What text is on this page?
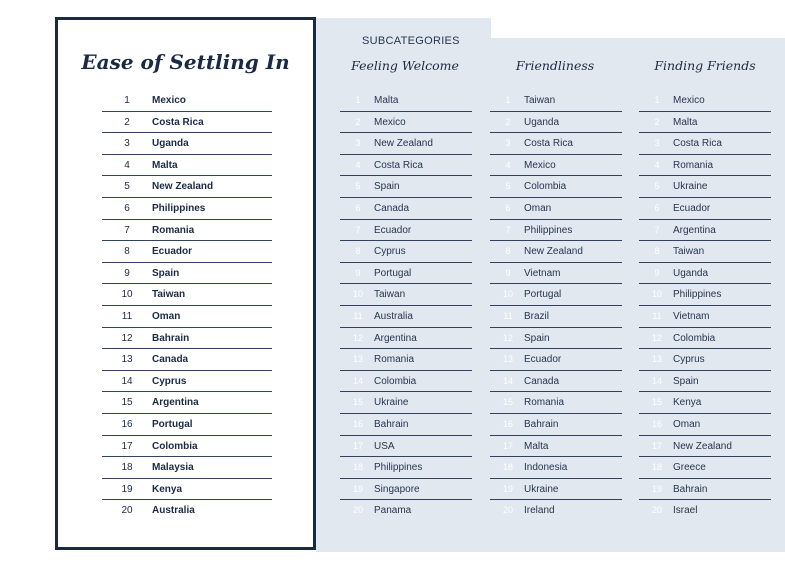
Ease of Settling In
1	Mexico
2	Costa Rica
3	Uganda
4	Malta
5	New Zealand
6	Philippines
7	Romania
8	Ecuador
9	Spain
10	Taiwan
11	Oman
12	Bahrain
13	Canada
14	Cyprus
15	Argentina
16	Portugal
17	Colombia
18	Malaysia
19	Kenya
20	Australia
SUBCATEGORIES
Feeling Welcome	Friendliness	Finding Friends
1	Malta
2	Mexico
3	New Zealand
4	Costa Rica
5	Spain
6	Canada
7	Ecuador
8	Cyprus
9	Portugal
10	Taiwan
11	Australia
12	Argentina
13	Romania
14	Colombia
15	Ukraine
16	Bahrain
17	USA
18	Philippines
19	Singapore
20	Panama
1	Taiwan
2	Uganda
3	Costa Rica
4	Mexico
5	Colombia
6	Oman
7	Philippines
8	New Zealand
9	Vietnam
10	Portugal
11	Brazil
12	Spain
13	Ecuador
14	Canada
15	Romania
16	Bahrain
17	Malta
18	Indonesia
19	Ukraine
20	Ireland
1	Mexico
2	Malta
3	Costa Rica
4	Romania
5	Ukraine
6	Ecuador
7	Argentina
8	Taiwan
9	Uganda
10	Philippines
11	Vietnam
12	Colombia
13	Cyprus
14	Spain
15	Kenya
16	Oman
17	New Zealand
18	Greece
19	Bahrain
20	Israel
